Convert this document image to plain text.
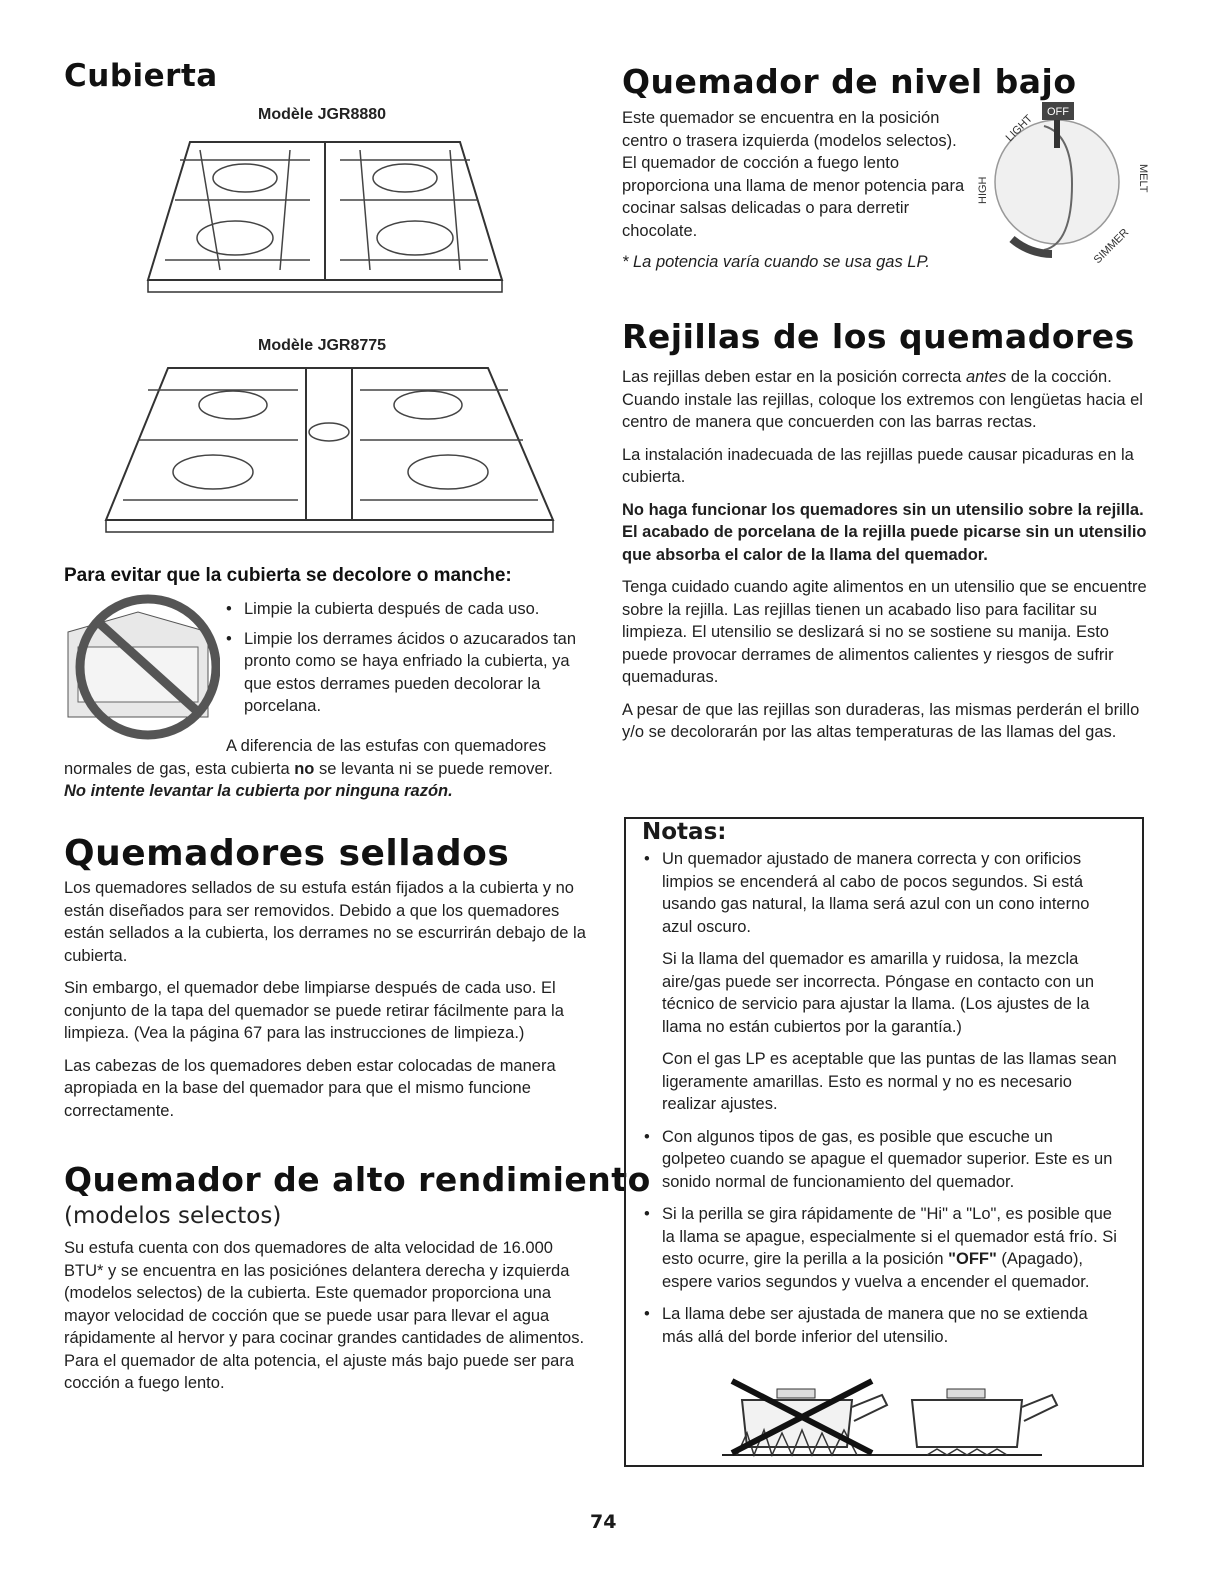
Cubierta
Modèle JGR8880
Modèle JGR8775
Para evitar que la cubierta se decolore o manche:

• Limpie la cubierta después de cada uso.

• Limpie los derrames ácidos o azucarados tan pronto como se haya enfriado la cubierta, ya que estos derrames pueden decolorar la porcelana.

A diferencia de las estufas con quemadores normales de gas, esta cubierta no se levanta ni se puede remover.

No intente levantar la cubierta por ninguna razón.

Quemadores sellados

Los quemadores sellados de su estufa están fijados a la cubierta y no están diseñados para ser removidos. Debido a que los quemadores están sellados a la cubierta, los derrames no se escurrirán debajo de la cubierta.

Sin embargo, el quemador debe limpiarse después de cada uso. El conjunto de la tapa del quemador se puede retirar fácilmente para la limpieza. (Vea la página 67 para las instrucciones de limpieza.)

Las cabezas de los quemadores deben estar colocadas de manera apropiada en la base del quemador para que el mismo funcione correctamente.

Quemador de alto rendimiento
(modelos selectos)

Su estufa cuenta con dos quemadores de alta velocidad de 16.000 BTU* y se encuentra en las posiciónes delantera derecha y izquierda (modelos selectos) de la cubierta. Este quemador proporciona una mayor velocidad de cocción que se puede usar para llevar el agua rápidamente al hervor y para cocinar grandes cantidades de alimentos. Para el quemador de alta potencia, el ajuste más bajo puede ser para cocción a fuego lento.

Quemador de nivel bajo

Este quemador se encuentra en la posición centro o trasera izquierda (modelos selectos). El quemador de cocción a fuego lento proporciona una llama de menor potencia para cocinar salsas delicadas o para derretir chocolate.

* La potencia varía cuando se usa gas LP.

OFF
LIGHT
HIGH	MELT
SIMMER
Rejillas de los quemadores

Las rejillas deben estar en la posición correcta antes de la cocción. Cuando instale las rejillas, coloque los extremos con lengüetas hacia el centro de manera que concuerden con las barras rectas.

La instalación inadecuada de las rejillas puede causar picaduras en la cubierta.

No haga funcionar los quemadores sin un utensilio sobre la rejilla. El acabado de porcelana de la rejilla puede picarse sin un utensilio que absorba el calor de la llama del quemador.

Tenga cuidado cuando agite alimentos en un utensilio que se encuentre sobre la rejilla. Las rejillas tienen un acabado liso para facilitar su limpieza. El utensilio se deslizará si no se sostiene su manija. Esto puede provocar derrames de alimentos calientes y riesgos de sufrir quemaduras.

A pesar de que las rejillas son duraderas, las mismas perderán el brillo y/o se decolorarán por las altas temperaturas de las llamas del gas.

Notas:

• Un quemador ajustado de manera correcta y con orificios limpios se encenderá al cabo de pocos segundos. Si está usando gas natural, la llama será azul con un cono interno azul oscuro.

Si la llama del quemador es amarilla y ruidosa, la mezcla aire/gas puede ser incorrecta. Póngase en contacto con un técnico de servicio para ajustar la llama. (Los ajustes de la llama no están cubiertos por la garantía.)

Con el gas LP es aceptable que las puntas de las llamas sean ligeramente amarillas. Esto es normal y no es necesario realizar ajustes.

• Con algunos tipos de gas, es posible que escuche un golpeteo cuando se apague el quemador superior. Este es un sonido normal de funcionamiento del quemador.

• Si la perilla se gira rápidamente de "Hi" a "Lo", es posible que la llama se apague, especialmente si el quemador está frío. Si esto ocurre, gire la perilla a la posición "OFF" (Apagado), espere varios segundos y vuelva a encender el quemador.

• La llama debe ser ajustada de manera que no se extienda más allá del borde inferior del utensilio.

74
